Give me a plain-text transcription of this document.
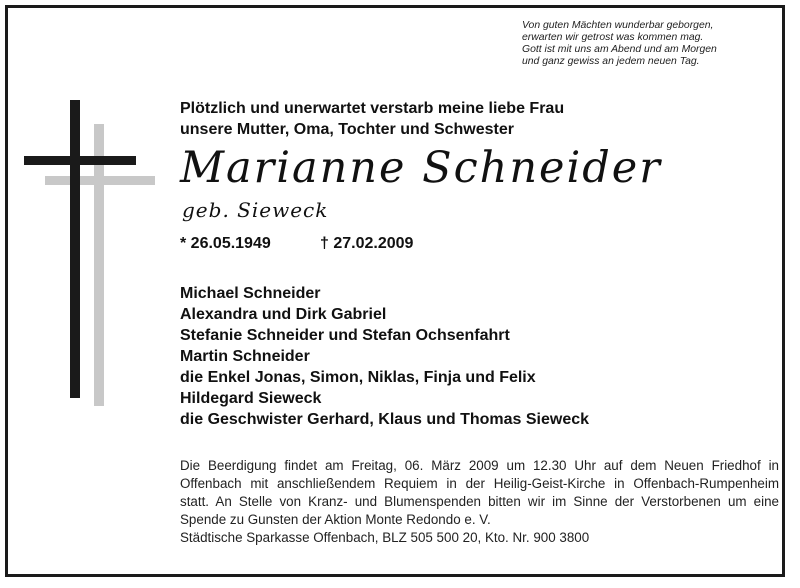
Von guten Mächten wunderbar geborgen,
erwarten wir getrost was kommen mag.
Gott ist mit uns am Abend und am Morgen
und ganz gewiss an jedem neuen Tag.
Plötzlich und unerwartet verstarb meine liebe Frau
unsere Mutter, Oma, Tochter und Schwester
Marianne Schneider
geb. Sieweck
* 26.05.1949	† 27.02.2009
Michael Schneider
Alexandra und Dirk Gabriel
Stefanie Schneider und Stefan Ochsenfahrt
Martin Schneider
die Enkel Jonas, Simon, Niklas, Finja und Felix
Hildegard Sieweck
die Geschwister Gerhard, Klaus und Thomas Sieweck
Die Beerdigung findet am Freitag, 06. März 2009 um 12.30 Uhr auf dem Neuen Friedhof in
Offenbach mit anschließendem Requiem in der Heilig-Geist-Kirche in Offenbach-Rumpenheim
statt. An Stelle von Kranz- und Blumenspenden bitten wir im Sinne der Verstorbenen um eine
Spende zu Gunsten der Aktion Monte Redondo e. V.
Städtische Sparkasse Offenbach, BLZ 505 500 20, Kto. Nr. 900 3800
